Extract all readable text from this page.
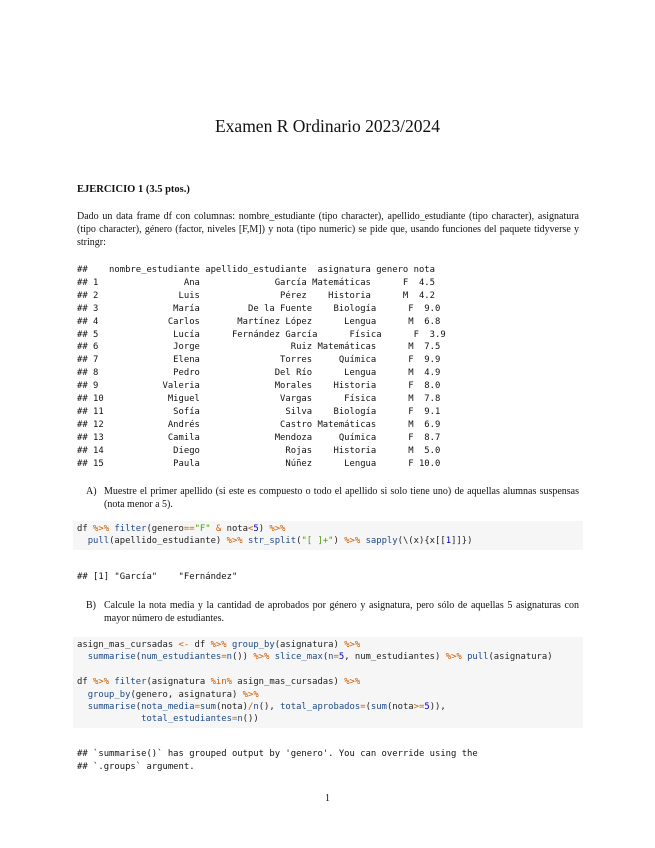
Examen R Ordinario 2023/2024
EJERCICIO 1 (3.5 ptos.)
Dado un data frame df con columnas: nombre_estudiante (tipo character), apellido_estudiante (tipo character), asignatura (tipo character), género (factor, niveles [F,M]) y nota (tipo numeric) se pide que, usando funciones del paquete tidyverse y stringr:
##    nombre_estudiante apellido_estudiante  asignatura genero nota
## 1                Ana              García Matemáticas      F  4.5
## 2               Luis               Pérez    Historia      M  4.2
## 3              María         De la Fuente    Biología      F  9.0
## 4             Carlos       Martínez López      Lengua      M  6.8
## 5              Lucía      Fernández García      Física      F  3.9
## 6              Jorge                 Ruiz Matemáticas      M  7.5
## 7              Elena               Torres     Química      F  9.9
## 8              Pedro              Del Río      Lengua      M  4.9
## 9            Valeria              Morales    Historia      F  8.0
## 10            Miguel               Vargas      Física      M  7.8
## 11             Sofía                Silva    Biología      F  9.1
## 12            Andrés               Castro Matemáticas      M  6.9
## 13            Camila              Mendoza     Química      F  8.7
## 14             Diego                Rojas    Historia      M  5.0
## 15             Paula                Núñez      Lengua      F 10.0
A) Muestre el primer apellido (si este es compuesto o todo el apellido si solo tiene uno) de aquellas alumnas suspensas (nota menor a 5).
df %>% filter(genero=="F" & nota<5) %>%
pull(apellido_estudiante) %>% str_split("[ ]+") %>% sapply(\(x){x[[1]]})
## [1] "García"    "Fernández"
B) Calcule la nota media y la cantidad de aprobados por género y asignatura, pero sólo de aquellas 5 asignaturas con mayor número de estudiantes.
asign_mas_cursadas <- df %>% group_by(asignatura) %>%
summarise(num_estudiantes=n()) %>% slice_max(n=5, num_estudiantes) %>% pull(asignatura)

df %>% filter(asignatura %in% asign_mas_cursadas) %>%
group_by(genero, asignatura) %>%
summarise(nota_media=sum(nota)/n(), total_aprobados=(sum(nota>=5)),
total_estudiantes=n())
## `summarise()` has grouped output by 'genero'. You can override using the
## `.groups` argument.
1
